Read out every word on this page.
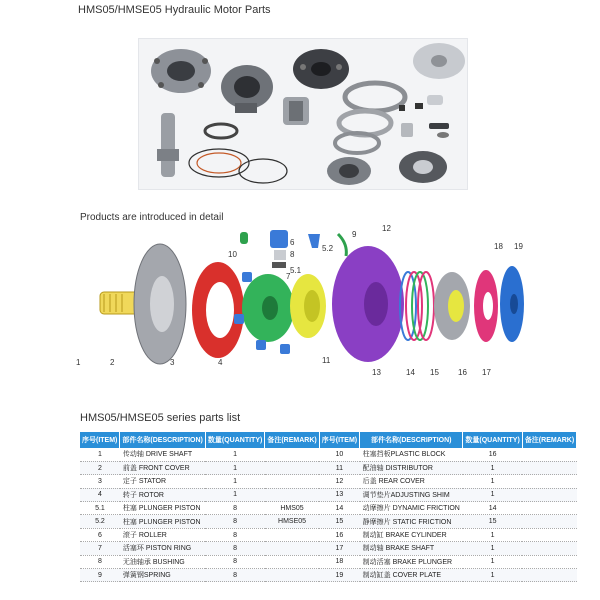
HMS05/HMSE05 Hydraulic Motor Parts
Products are introduced in detail
1	2	3	4
5.1
5.2
6
7
8
9
10
11
12
13	14 15 16 17
18 19
HMS05/HMSE05 series parts list
序号(ITEM)	部件名称(DESCRIPTION)	数量(QUANTITY)	备注(REMARK)	序号(ITEM)	部件名称(DESCRIPTION)	数量(QUANTITY)	备注(REMARK)
1	传动轴 DRIVE SHAFT	1		10	柱塞挡板PLASTIC BLOCK	16	
2	前盖 FRONT COVER	1		11	配油轴 DISTRIBUTOR	1	
3	定子 STATOR	1		12	后盖 REAR COVER	1	
4	转子 ROTOR	1		13	调节垫片ADJUSTING SHIM	1	
5.1	柱塞 PLUNGER PISTON	8	HMS05	14	动摩擦片 DYNAMIC FRICTION	14	
5.2	柱塞 PLUNGER PISTON	8	HMSE05	15	静摩擦片 STATIC FRICTION	15	
6	滚子 ROLLER	8		16	制动缸 BRAKE CYLINDER	1	
7	活塞环 PISTON RING	8		17	制动轴 BRAKE SHAFT	1	
8	无油轴承 BUSHING	8		18	制动活塞 BRAKE PLUNGER	1	
9	弹簧钢SPRING	8		19	制动缸盖 COVER PLATE	1	
